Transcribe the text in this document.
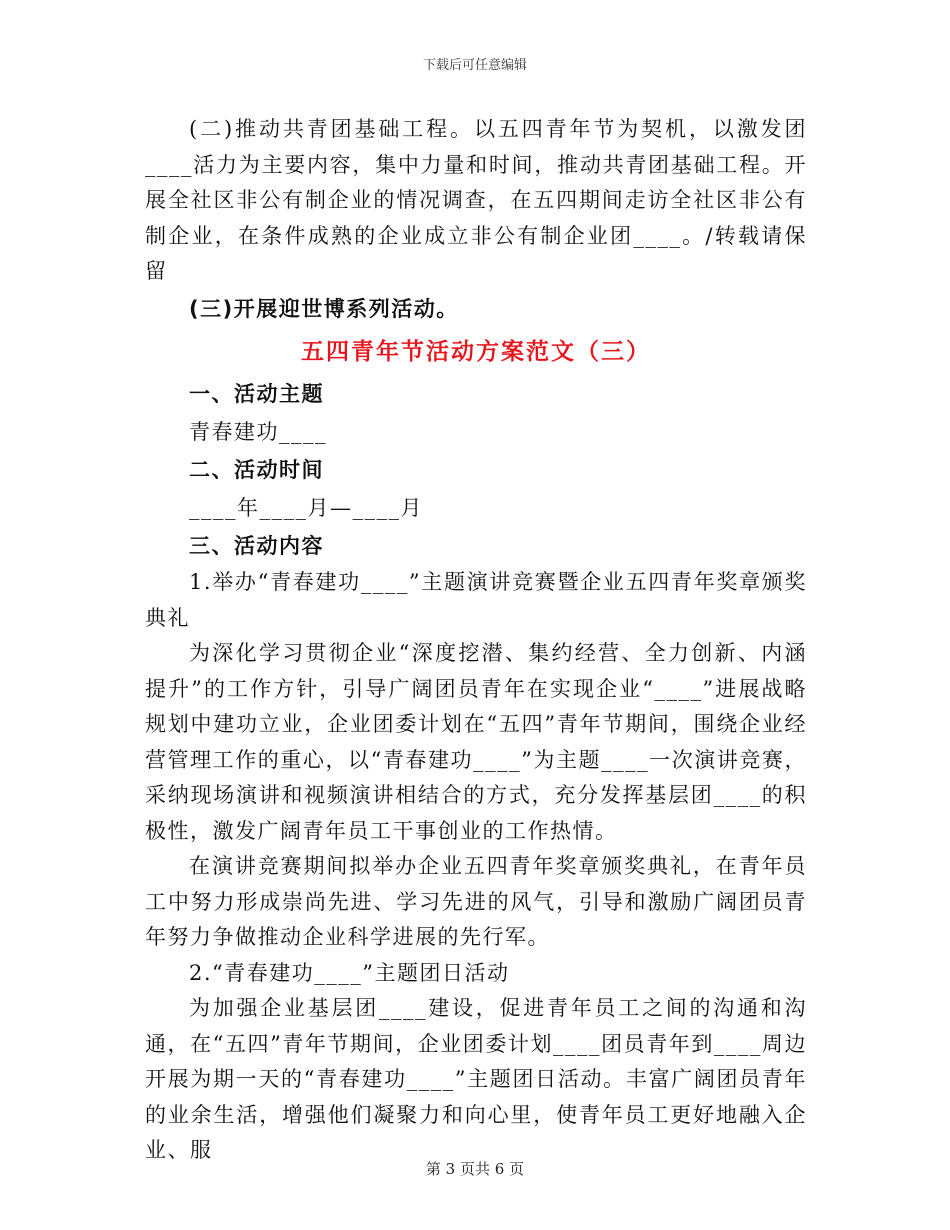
下载后可任意编辑

(二)推动共青团基础工程。以五四青年节为契机，以激发团____活力为主要内容，集中力量和时间，推动共青团基础工程。开展全社区非公有制企业的情况调查，在五四期间走访全社区非公有制企业，在条件成熟的企业成立非公有制企业团____。/转载请保留

(三)开展迎世博系列活动。

五四青年节活动方案范文（三）

一、活动主题

青春建功____

二、活动时间

____年____月—____月

三、活动内容

1.举办“青春建功____”主题演讲竞赛暨企业五四青年奖章颁奖典礼

为深化学习贯彻企业“深度挖潜、集约经营、全力创新、内涵提升”的工作方针，引导广阔团员青年在实现企业“____”进展战略规划中建功立业，企业团委计划在“五四”青年节期间，围绕企业经营管理工作的重心，以“青春建功____”为主题____一次演讲竞赛，采纳现场演讲和视频演讲相结合的方式，充分发挥基层团____的积极性，激发广阔青年员工干事创业的工作热情。

在演讲竞赛期间拟举办企业五四青年奖章颁奖典礼，在青年员工中努力形成崇尚先进、学习先进的风气，引导和激励广阔团员青年努力争做推动企业科学进展的先行军。

2.“青春建功____”主题团日活动

为加强企业基层团____建设，促进青年员工之间的沟通和沟通，在“五四”青年节期间，企业团委计划____团员青年到____周边开展为期一天的“青春建功____”主题团日活动。丰富广阔团员青年的业余生活，增强他们凝聚力和向心里，使青年员工更好地融入企业、服

第 3 页共 6 页
